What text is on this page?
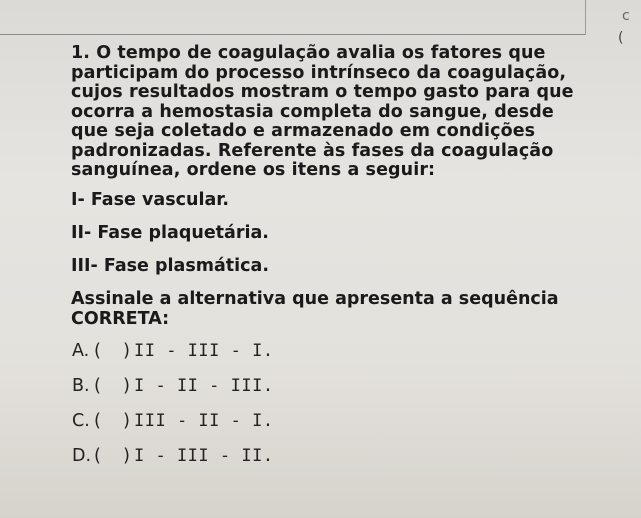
c
(

1. O tempo de coagulação avalia os fatores que

participam do processo intrínseco da coagulação,

cujos resultados mostram o tempo gasto para que

ocorra a hemostasia completa do sangue, desde

que seja coletado e armazenado em condições

padronizadas. Referente às fases da coagulação

sanguínea, ordene os itens a seguir:

I- Fase vascular.

II- Fase plaquetária.

III- Fase plasmática.

Assinale a alternativa que apresenta a sequência

CORRETA:

A. ( ) II - III - I.
B. ( ) I - II - III.
C. ( ) III - II - I.
D. ( ) I - III - II.
